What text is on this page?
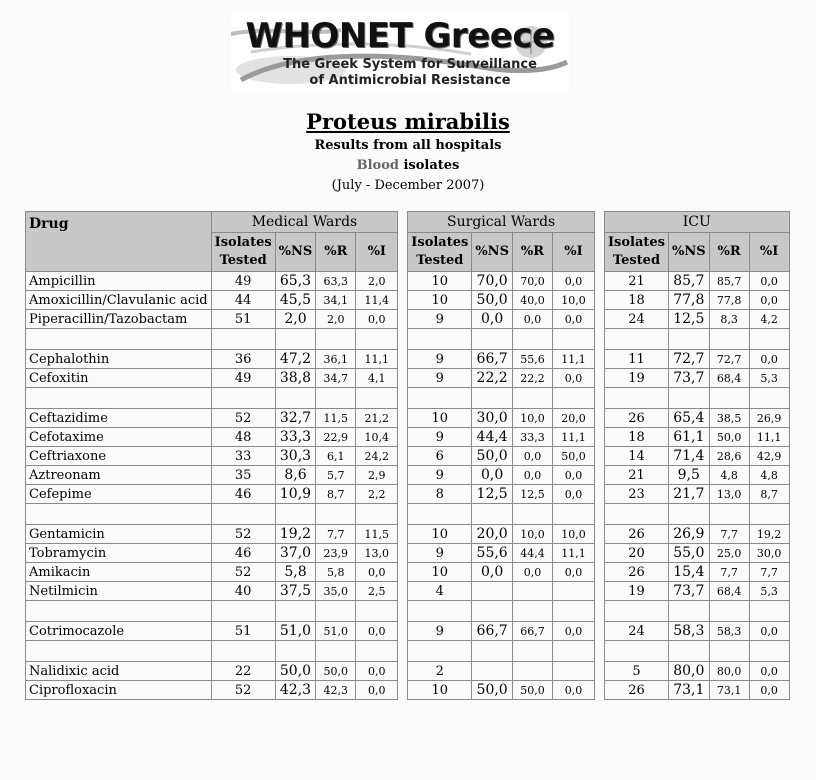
WHONET Greece
The Greek System for Surveillance
of Antimicrobial Resistance
Proteus mirabilis
Results from all hospitals
Blood isolates
(July - December 2007)
Drug	Medical Wards					Surgical Wards					ICU			
	Isolates Tested	%NS	%R	%I		Isolates Tested	%NS	%R	%I		Isolates Tested	%NS	%R	%I
Ampicillin	49	65,3	63,3	2,0		10	70,0	70,0	0,0		21	85,7	85,7	0,0
Amoxicillin/Clavulanic acid	44	45,5	34,1	11,4		10	50,0	40,0	10,0		18	77,8	77,8	0,0
Piperacillin/Tazobactam	51	2,0	2,0	0,0		9	0,0	0,0	0,0		24	12,5	8,3	4,2

Cephalothin	36	47,2	36,1	11,1		9	66,7	55,6	11,1		11	72,7	72,7	0,0
Cefoxitin	49	38,8	34,7	4,1		9	22,2	22,2	0,0		19	73,7	68,4	5,3

Ceftazidime	52	32,7	11,5	21,2		10	30,0	10,0	20,0		26	65,4	38,5	26,9
Cefotaxime	48	33,3	22,9	10,4		9	44,4	33,3	11,1		18	61,1	50,0	11,1
Ceftriaxone	33	30,3	6,1	24,2		6	50,0	0,0	50,0		14	71,4	28,6	42,9
Aztreonam	35	8,6	5,7	2,9		9	0,0	0,0	0,0		21	9,5	4,8	4,8
Cefepime	46	10,9	8,7	2,2		8	12,5	12,5	0,0		23	21,7	13,0	8,7

Gentamicin	52	19,2	7,7	11,5		10	20,0	10,0	10,0		26	26,9	7,7	19,2
Tobramycin	46	37,0	23,9	13,0		9	55,6	44,4	11,1		20	55,0	25,0	30,0
Amikacin	52	5,8	5,8	0,0		10	0,0	0,0	0,0		26	15,4	7,7	7,7
Netilmicin	40	37,5	35,0	2,5		4					19	73,7	68,4	5,3

Cotrimocazole	51	51,0	51,0	0,0		9	66,7	66,7	0,0		24	58,3	58,3	0,0

Nalidixic acid	22	50,0	50,0	0,0		2					5	80,0	80,0	0,0
Ciprofloxacin	52	42,3	42,3	0,0		10	50,0	50,0	0,0		26	73,1	73,1	0,0
